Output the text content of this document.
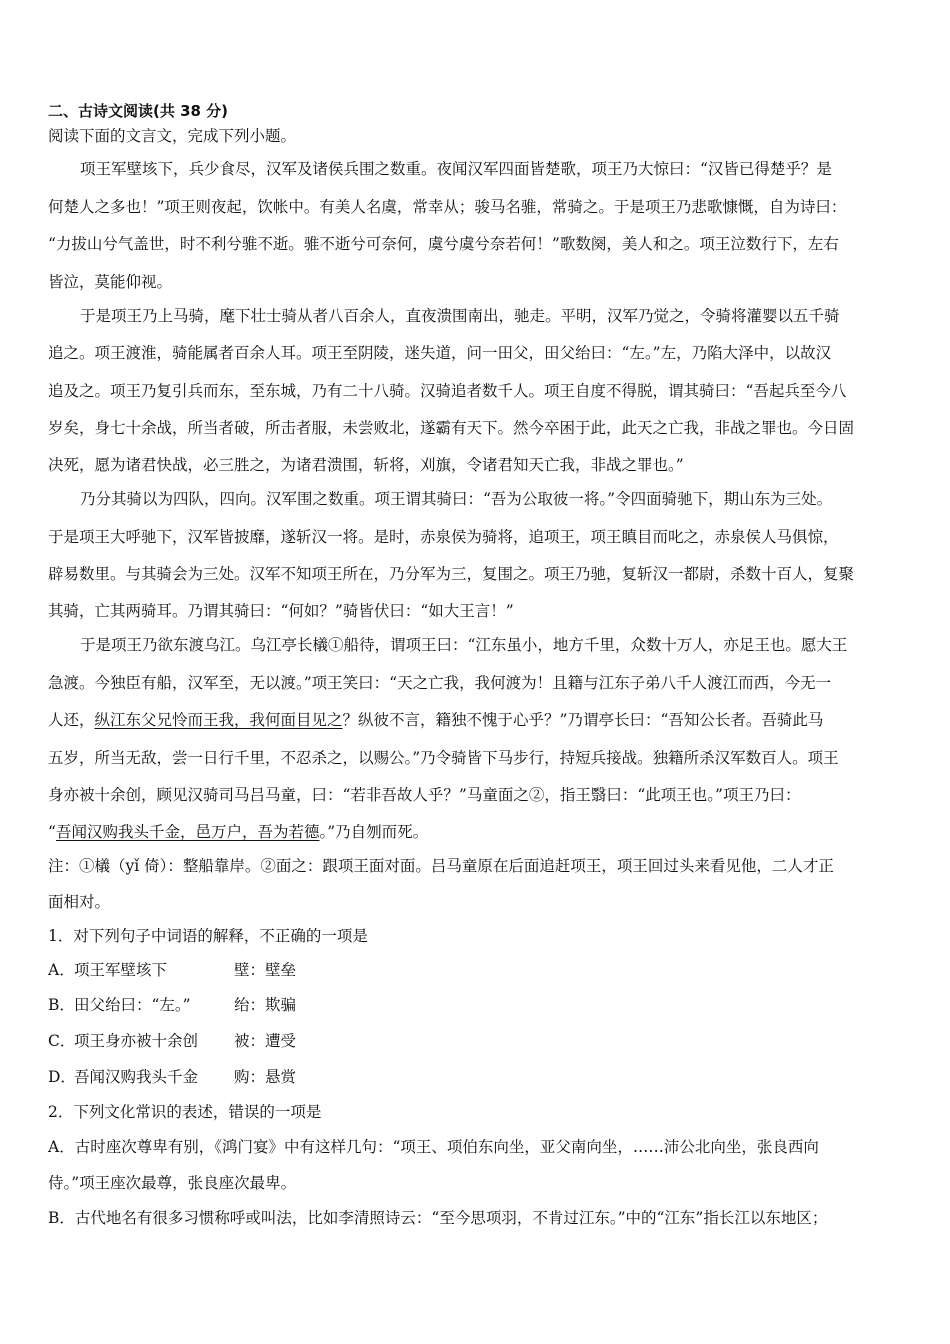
二、古诗文阅读(共 38 分)
阅读下面的文言文，完成下列小题。
项王军壁垓下，兵少食尽，汉军及诸侯兵围之数重。夜闻汉军四面皆楚歌，项王乃大惊曰：“汉皆已得楚乎？是
何楚人之多也！”项王则夜起，饮帐中。有美人名虞，常幸从；骏马名骓，常骑之。于是项王乃悲歌慷慨，自为诗曰：
“力拔山兮气盖世，时不利兮骓不逝。骓不逝兮可奈何，虞兮虞兮奈若何！”歌数阕，美人和之。项王泣数行下，左右
皆泣，莫能仰视。
于是项王乃上马骑，麾下壮士骑从者八百余人，直夜溃围南出，驰走。平明，汉军乃觉之，令骑将灌婴以五千骑
追之。项王渡淮，骑能属者百余人耳。项王至阴陵，迷失道，问一田父，田父绐曰：“左。”左，乃陷大泽中，以故汉
追及之。项王乃复引兵而东，至东城，乃有二十八骑。汉骑追者数千人。项王自度不得脱，谓其骑曰：“吾起兵至今八
岁矣，身七十余战，所当者破，所击者服，未尝败北，遂霸有天下。然今卒困于此，此天之亡我，非战之罪也。今日固
决死，愿为诸君快战，必三胜之，为诸君溃围，斩将，刈旗，令诸君知天亡我，非战之罪也。”
乃分其骑以为四队，四向。汉军围之数重。项王谓其骑曰：“吾为公取彼一将。”令四面骑驰下，期山东为三处。
于是项王大呼驰下，汉军皆披靡，遂斩汉一将。是时，赤泉侯为骑将，追项王，项王瞋目而叱之，赤泉侯人马俱惊，
辟易数里。与其骑会为三处。汉军不知项王所在，乃分军为三，复围之。项王乃驰，复斩汉一都尉，杀数十百人，复聚
其骑，亡其两骑耳。乃谓其骑曰：“何如？”骑皆伏曰：“如大王言！”
于是项王乃欲东渡乌江。乌江亭长檥①船待，谓项王曰：“江东虽小，地方千里，众数十万人，亦足王也。愿大王
急渡。今独臣有船，汉军至，无以渡。”项王笑曰：“天之亡我，我何渡为！且籍与江东子弟八千人渡江而西，今无一
人还，纵江东父兄怜而王我，我何面目见之？纵彼不言，籍独不愧于心乎？”乃谓亭长曰：“吾知公长者。吾骑此马
五岁，所当无敌，尝一日行千里，不忍杀之，以赐公。”乃令骑皆下马步行，持短兵接战。独籍所杀汉军数百人。项王
身亦被十余创，顾见汉骑司马吕马童，曰：“若非吾故人乎？”马童面之②，指王翳曰：“此项王也。”项王乃曰：
“吾闻汉购我头千金，邑万户，吾为若德。”乃自刎而死。
注：①檥（yǐ 倚）：整船靠岸。②面之：跟项王面对面。吕马童原在后面追赶项王，项王回过头来看见他，二人才正
面相对。
1．对下列句子中词语的解释，不正确的一项是
A．项王军壁垓下	壁：壁垒
B．田父绐曰：“左。”	绐：欺骗
C．项王身亦被十余创 被：遭受
D．吾闻汉购我头千金 购：悬赏
2．下列文化常识的表述，错误的一项是
A．古时座次尊卑有别，《鸿门宴》中有这样几句：“项王、项伯东向坐，亚父南向坐，……沛公北向坐，张良西向
侍。”项王座次最尊，张良座次最卑。
B．古代地名有很多习惯称呼或叫法，比如李清照诗云：“至今思项羽，不肯过江东。”中的“江东”指长江以东地区；
